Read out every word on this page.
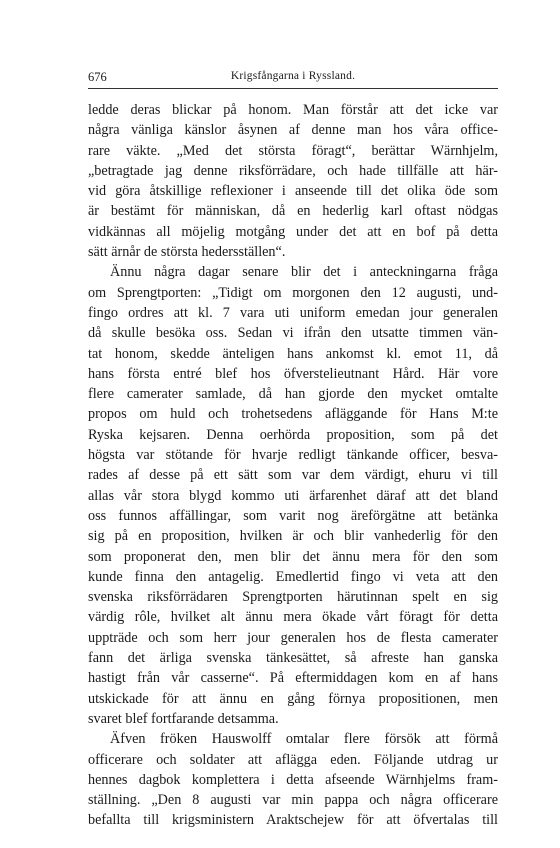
676	Krigsfångarna i Ryssland.
ledde deras blickar på honom. Man förstår att det icke var
några vänliga känslor åsynen af denne man hos våra officе-
rare väkte. „Med det största föragt“, berättar Wärnhjelm,
„betragtade jag denne riksförrädare, och hade tillfälle att här-
vid göra åtskillige reflexioner i anseende till det olika öde som
är bestämt för människan, då en hederlig karl oftast nödgas
vidkännas all möjelig motgång under det att en bof på detta
sätt ärnår de största hedersställen“.
Ännu några dagar senare blir det i anteckningarna fråga
om Sprengtporten: „Tidigt om morgonen den 12 augusti, und-
fingo ordres att kl. 7 vara uti uniform emedan jour generalen
då skulle besöka oss. Sedan vi ifrån den utsatte timmen vän-
tat honom, skedde änteligen hans ankomst kl. emot 11, då
hans första entré blef hos öfverstelieutnant Hård. Här vore
flere camerater samlade, då han gjorde den mycket omtalte
propos om huld och trohetsedens afläggande för Hans M:te
Ryska kejsaren. Denna oerhörda proposition, som på det
högsta var stötande för hvarje redligt tänkande officer, besva-
rades af desse på ett sätt som var dem värdigt, ehuru vi till
allas vår stora blygd kommo uti ärfarenhet däraf att det bland
oss funnos affällingar, som varit nog äreförgätne att betänka
sig på en proposition, hvilken är och blir vanhederlig för den
som proponerat den, men blir det ännu mera för den som
kunde finna den antagelig. Emedlertid fingo vi veta att den
svenska riksförrädaren Sprengtporten härutinnan spelt en sig
värdig rôle, hvilket alt ännu mera ökade vårt föragt för detta
uppträde och som herr jour generalen hos de flesta camerater
fann det ärliga svenska tänkesättet, så afreste han ganska
hastigt från vår casserne“. På eftermiddagen kom en af hans
utskickade för att ännu en gång förnya propositionen, men
svaret blef fortfarande detsamma.
Äfven fröken Hauswolff omtalar flere försök att förmå
officerare och soldater att aflägga eden. Följande utdrag ur
hennes dagbok komplettera i detta afseende Wärnhjelms fram-
ställning. „Den 8 augusti var min pappa och några officerare
befallta till krigsministern Araktschejew för att öfvertalas till
